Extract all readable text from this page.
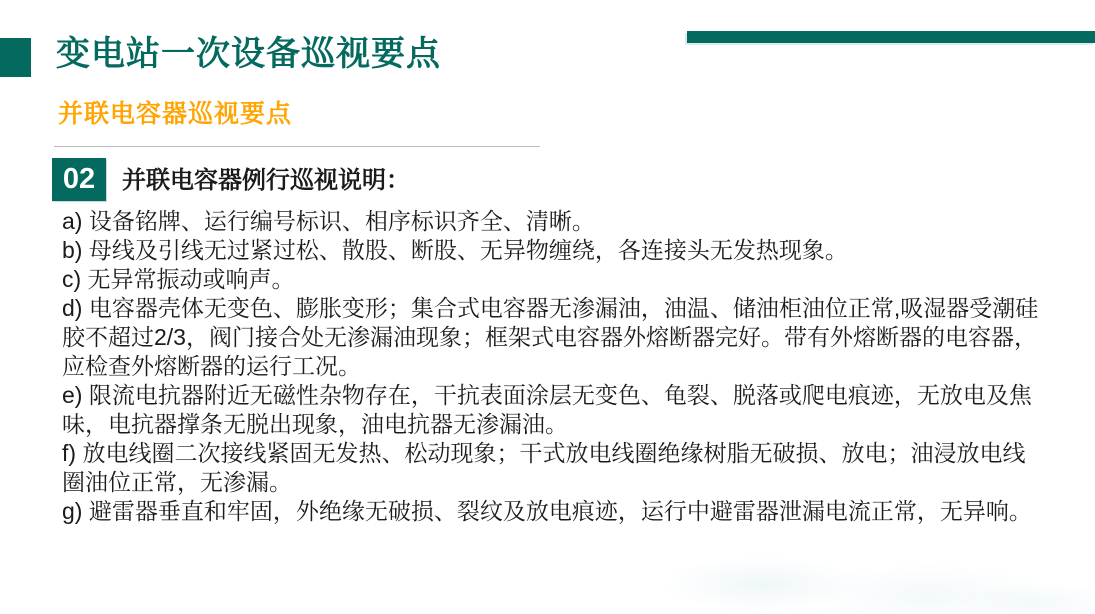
变电站一次设备巡视要点
并联电容器巡视要点
02	并联电容器例行巡视说明：

a) 设备铭牌、运行编号标识、相序标识齐全、清晰。

b) 母线及引线无过紧过松、散股、断股、无异物缠绕，各连接头无发热现象。

c) 无异常振动或响声。

d) 电容器壳体无变色、膨胀变形；集合式电容器无渗漏油，油温、储油柜油位正常,吸湿器受潮硅胶不超过2/3，阀门接合处无渗漏油现象；框架式电容器外熔断器完好。带有外熔断器的电容器，应检查外熔断器的运行工况。

e) 限流电抗器附近无磁性杂物存在，干抗表面涂层无变色、龟裂、脱落或爬电痕迹，无放电及焦味，电抗器撑条无脱出现象，油电抗器无渗漏油。

f) 放电线圈二次接线紧固无发热、松动现象；干式放电线圈绝缘树脂无破损、放电；油浸放电线圈油位正常，无渗漏。

g) 避雷器垂直和牢固，外绝缘无破损、裂纹及放电痕迹，运行中避雷器泄漏电流正常，无异响。
